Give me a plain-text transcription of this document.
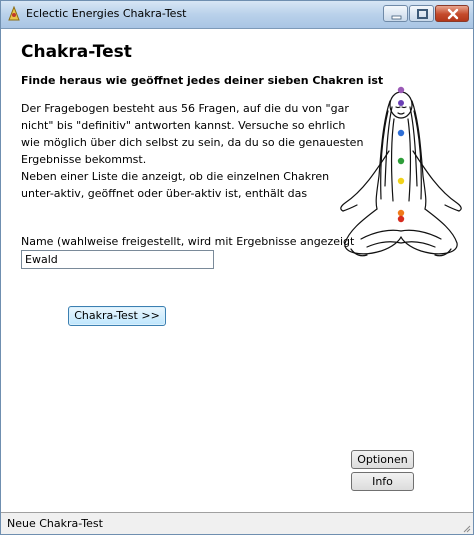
Eclectic Energies Chakra-Test
Chakra-Test
Finde heraus wie geöffnet jedes deiner sieben Chakren ist
Der Fragebogen besteht aus 56 Fragen, auf die du von "gar
nicht" bis "definitiv" antworten kannst. Versuche so ehrlich
wie möglich über dich selbst zu sein, da du so die genauesten
Ergebnisse bekommst.
Neben einer Liste die anzeigt, ob die einzelnen Chakren
unter-aktiv, geöffnet oder über-aktiv ist, enthält das
Name (wahlweise freigestellt, wird mit Ergebnisse angezeigt
Ewald
Chakra-Test >>
Optionen
Info
Neue Chakra-Test
